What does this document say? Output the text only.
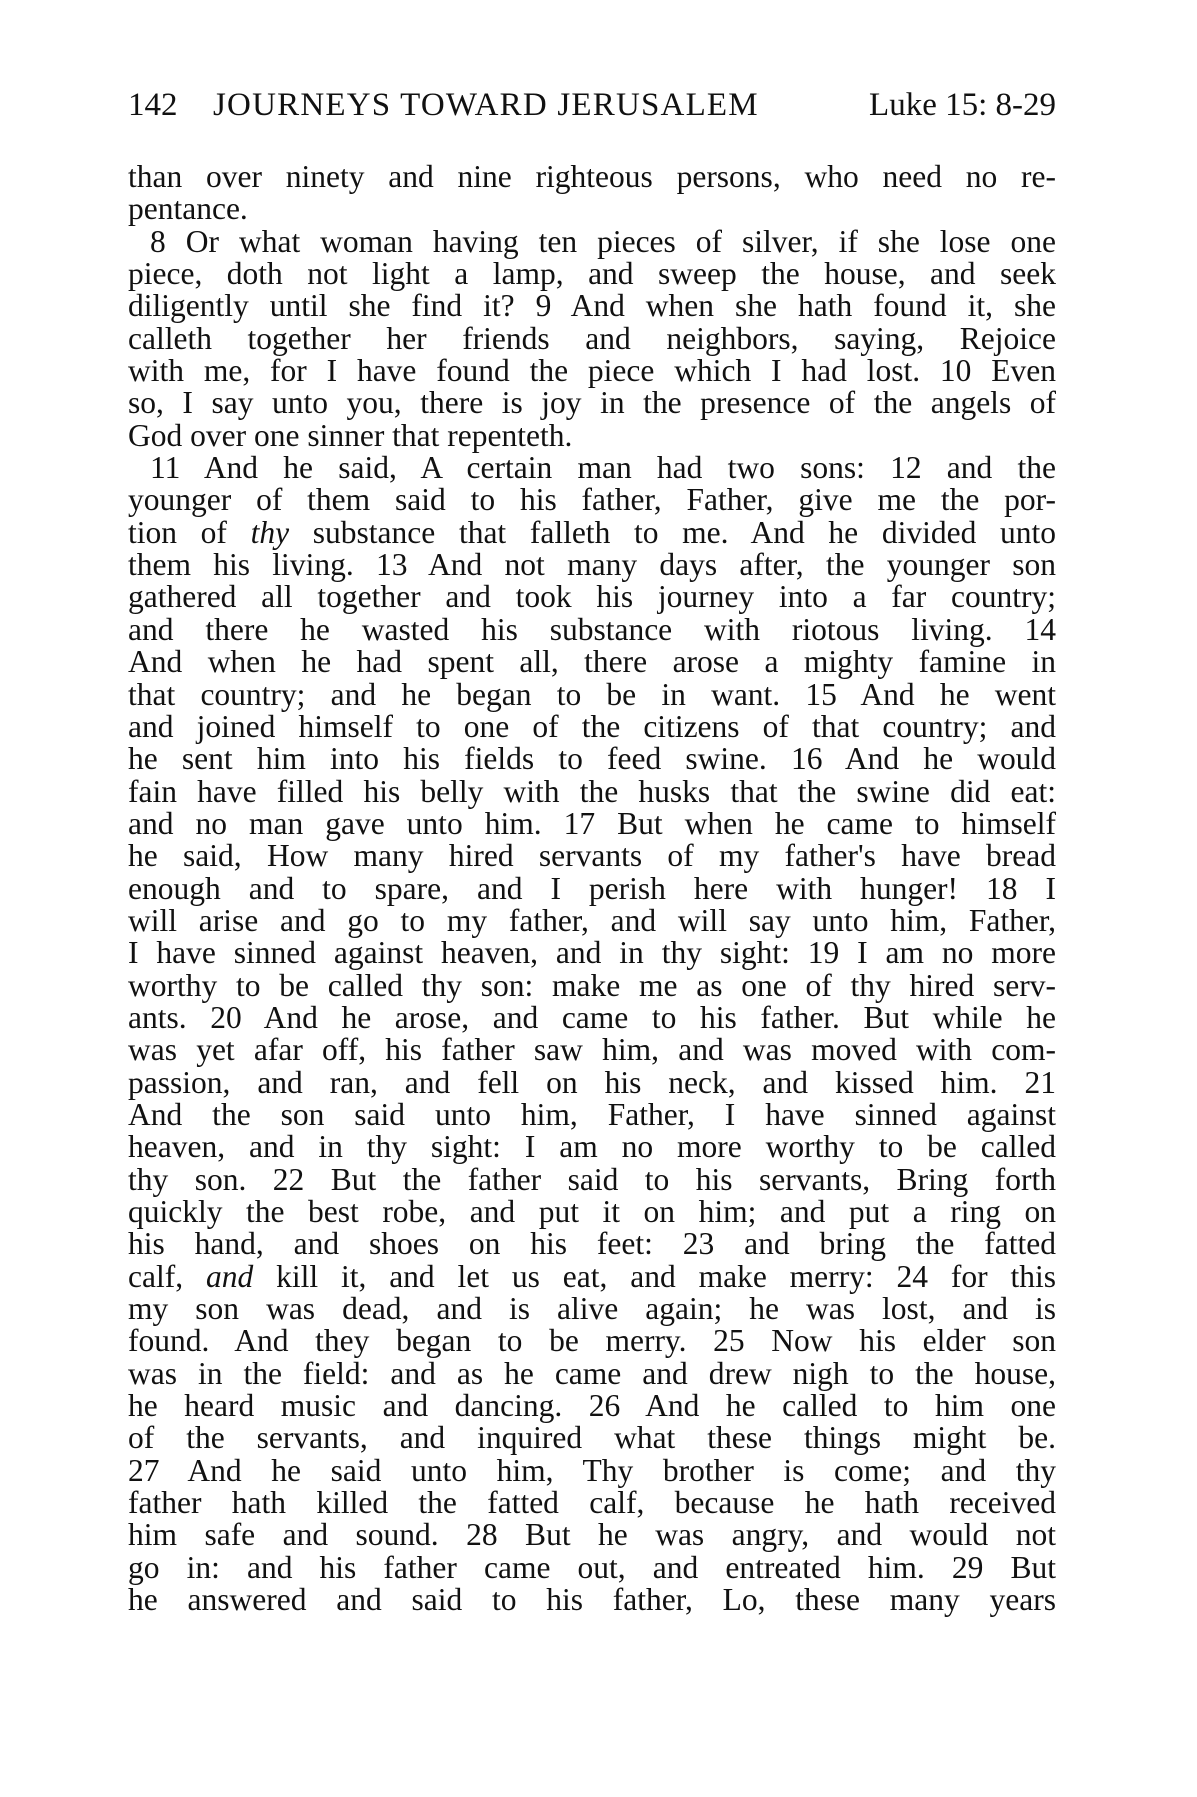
142 JOURNEYS TOWARD JERUSALEM	Luke 15: 8-29
than over ninety and nine righteous persons, who need no re-
pentance.
8 Or what woman having ten pieces of silver, if she lose one
piece, doth not light a lamp, and sweep the house, and seek
diligently until she find it? 9 And when she hath found it, she
calleth together her friends and neighbors, saying, Rejoice
with me, for I have found the piece which I had lost. 10 Even
so, I say unto you, there is joy in the presence of the angels of
God over one sinner that repenteth.
11 And he said, A certain man had two sons: 12 and the
younger of them said to his father, Father, give me the por-
tion of thy substance that falleth to me. And he divided unto
them his living. 13 And not many days after, the younger son
gathered all together and took his journey into a far country;
and there he wasted his substance with riotous living. 14
And when he had spent all, there arose a mighty famine in
that country; and he began to be in want. 15 And he went
and joined himself to one of the citizens of that country; and
he sent him into his fields to feed swine. 16 And he would
fain have filled his belly with the husks that the swine did eat:
and no man gave unto him. 17 But when he came to himself
he said, How many hired servants of my father's have bread
enough and to spare, and I perish here with hunger! 18 I
will arise and go to my father, and will say unto him, Father,
I have sinned against heaven, and in thy sight: 19 I am no more
worthy to be called thy son: make me as one of thy hired serv-
ants. 20 And he arose, and came to his father. But while he
was yet afar off, his father saw him, and was moved with com-
passion, and ran, and fell on his neck, and kissed him. 21
And the son said unto him, Father, I have sinned against
heaven, and in thy sight: I am no more worthy to be called
thy son. 22 But the father said to his servants, Bring forth
quickly the best robe, and put it on him; and put a ring on
his hand, and shoes on his feet: 23 and bring the fatted
calf, and kill it, and let us eat, and make merry: 24 for this
my son was dead, and is alive again; he was lost, and is
found. And they began to be merry. 25 Now his elder son
was in the field: and as he came and drew nigh to the house,
he heard music and dancing. 26 And he called to him one
of the servants, and inquired what these things might be.
27 And he said unto him, Thy brother is come; and thy
father hath killed the fatted calf, because he hath received
him safe and sound. 28 But he was angry, and would not
go in: and his father came out, and entreated him. 29 But
he answered and said to his father, Lo, these many years
